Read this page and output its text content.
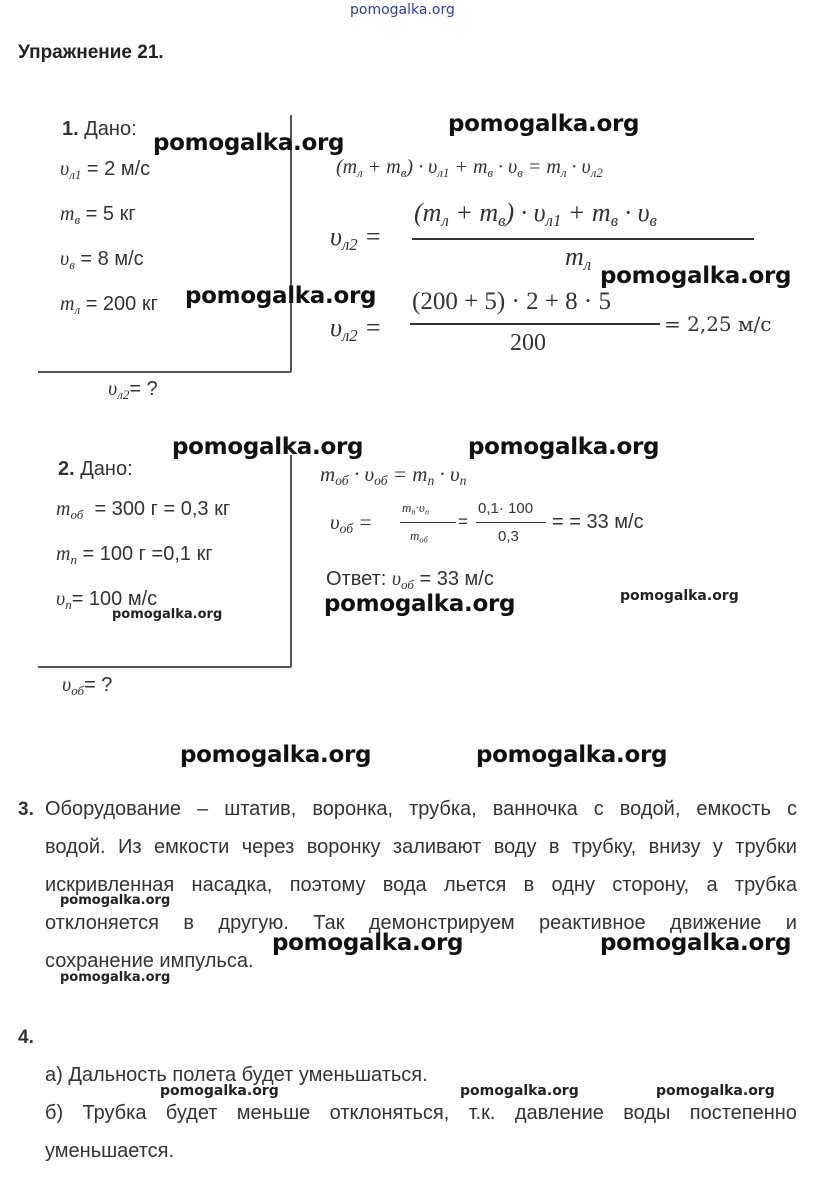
pomogalka.org
Упражнение 21.
1. Дано:
$\upsilon_{л1} = 2$ м/с
$m_в = 5$ кг
$\upsilon_в = 8$ м/с
$m_л = 200$ кг
$\upsilon_{л2}=$ ?
$(m_л + m_в) \cdot \upsilon_{л1} + m_в \cdot \upsilon_в = m_л \cdot \upsilon_{л2}$
$\upsilon_{л2}$ =
$(m_л + m_в) \cdot \upsilon_{л1} + m_в \cdot \upsilon_в$
$m_л$
$\upsilon_{л2}$ =
(200 + 5) · 2 + 8 · 5
200
= 2,25 м/с
2. Дано:
$m_{об} = 300$ г = 0,3 кг
$m_п = 100$ г =0,1 кг
$\upsilon_п= 100$ м/с
$\upsilon_{об}=$ ?
$m_{об} \cdot \upsilon_{об} = m_п \cdot \upsilon_п$
$\upsilon_{об}$ =
$m_п\cdot\upsilon_п$
$m_{об}$
=
0,1· 100
0,3
= = 33 м/с
Ответ: $\upsilon_{об} = 33$ м/с
3. Оборудование – штатив, воронка, трубка, ванночка с водой, емкость с
водой. Из емкости через воронку заливают воду в трубку, внизу у трубки
искривленная насадка, поэтому вода льется в одну сторону, а трубка
отклоняется в другую. Так демонстрируем реактивное движение и
сохранение импульса.
4.
а) Дальность полета будет уменьшаться.
б) Трубка будет меньше отклоняться, т.к. давление воды постепенно
уменьшается.
pomogalka.org
pomogalka.org
pomogalka.org
pomogalka.org
pomogalka.org	pomogalka.org
pomogalka.org	pomogalka.org
pomogalka.org
pomogalka.org	pomogalka.org
pomogalka.org
pomogalka.org	pomogalka.org
pomogalka.org
pomogalka.org	pomogalka.org	pomogalka.org
